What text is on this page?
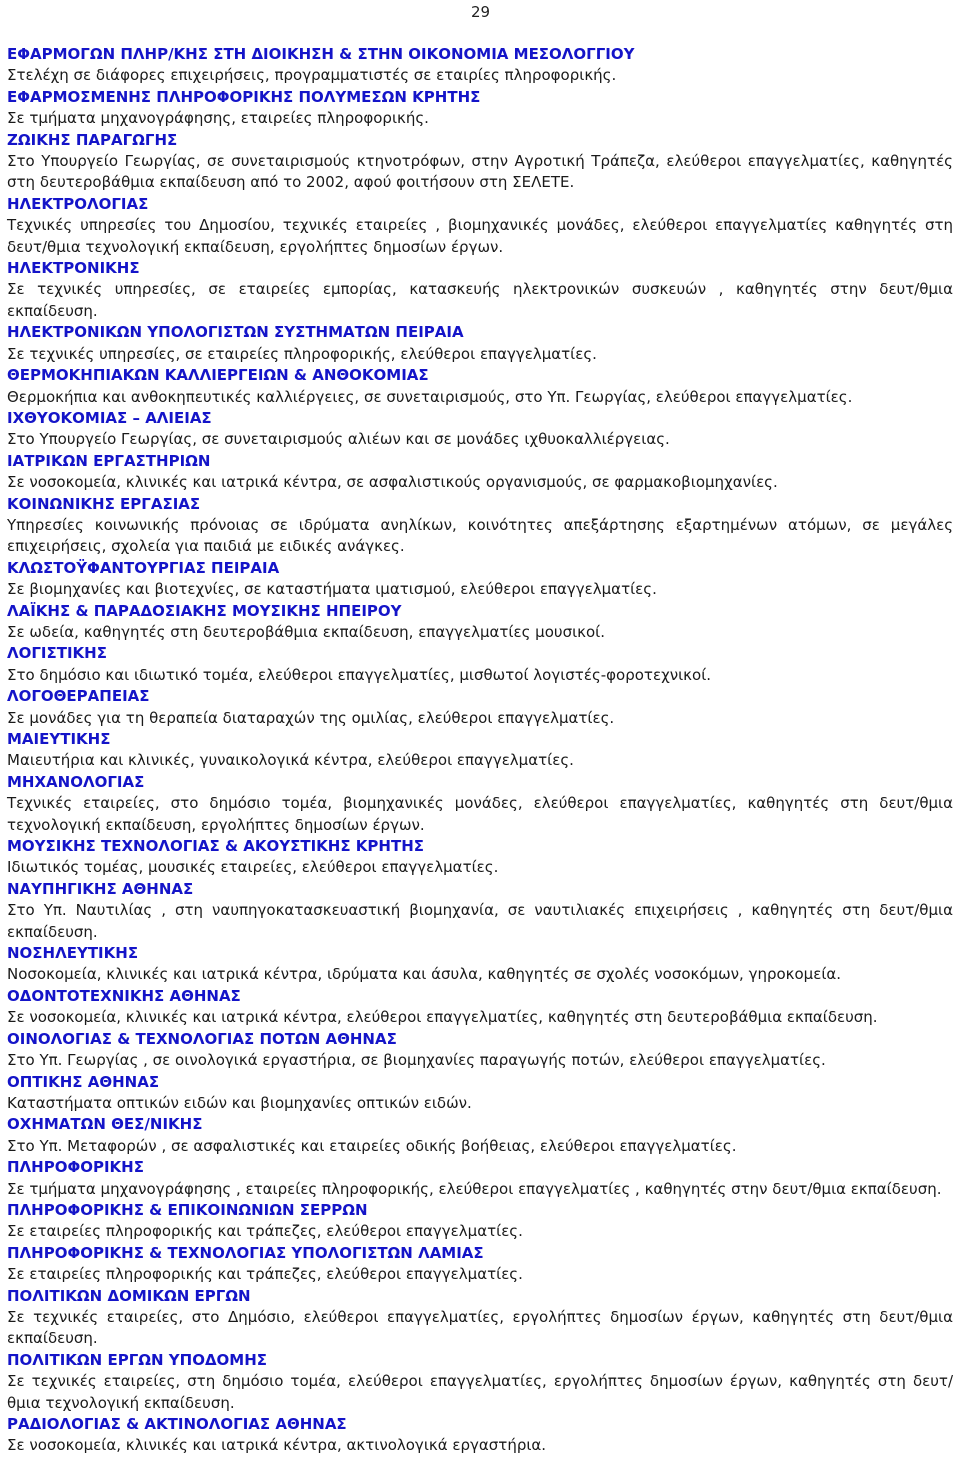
29
ΕΦΑΡΜΟΓΩΝ ΠΛΗΡ/ΚΗΣ ΣΤΗ ΔΙΟΙΚΗΣΗ & ΣΤΗΝ ΟΙΚΟΝΟΜΙΑ ΜΕΣΟΛΟΓΓΙΟΥ
Στελέχη σε διάφορες επιχειρήσεις, προγραμματιστές σε εταιρίες πληροφορικής.
ΕΦΑΡΜΟΣΜΕΝΗΣ ΠΛΗΡΟΦΟΡΙΚΗΣ ΠΟΛΥΜΕΣΩΝ ΚΡΗΤΗΣ
Σε τμήματα μηχανογράφησης, εταιρείες πληροφορικής.
ΖΩΙΚΗΣ ΠΑΡΑΓΩΓΗΣ
Στο Υπουργείο Γεωργίας, σε συνεταιρισμούς κτηνοτρόφων, στην Αγροτική Τράπεζα, ελεύθεροι επαγγελματίες, καθηγητές στη δευτεροβάθμια εκπαίδευση από το 2002, αφού φοιτήσουν στη ΣΕΛΕΤΕ.
ΗΛΕΚΤΡΟΛΟΓΙΑΣ
Τεχνικές υπηρεσίες του Δημοσίου, τεχνικές εταιρείες , βιομηχανικές μονάδες, ελεύθεροι επαγγελματίες καθηγητές στη δευτ/θμια τεχνολογική εκπαίδευση, εργολήπτες δημοσίων έργων.
ΗΛΕΚΤΡΟΝΙΚΗΣ
Σε τεχνικές υπηρεσίες, σε εταιρείες εμπορίας, κατασκευής ηλεκτρονικών συσκευών , καθηγητές στην δευτ/θμια εκπαίδευση.
ΗΛΕΚΤΡΟΝΙΚΩΝ ΥΠΟΛΟΓΙΣΤΩΝ ΣΥΣΤΗΜΑΤΩΝ ΠΕΙΡΑΙΑ
Σε τεχνικές υπηρεσίες, σε εταιρείες πληροφορικής, ελεύθεροι επαγγελματίες.
ΘΕΡΜΟΚΗΠΙΑΚΩΝ ΚΑΛΛΙΕΡΓΕΙΩΝ & ΑΝΘΟΚΟΜΙΑΣ
Θερμοκήπια και ανθοκηπευτικές καλλιέργειες, σε συνεταιρισμούς, στο Υπ. Γεωργίας, ελεύθεροι επαγγελματίες.
ΙΧΘΥΟΚΟΜΙΑΣ – ΑΛΙΕΙΑΣ
Στο Υπουργείο Γεωργίας, σε συνεταιρισμούς αλιέων και σε μονάδες ιχθυοκαλλιέργειας.
ΙΑΤΡΙΚΩΝ ΕΡΓΑΣΤΗΡΙΩΝ
Σε νοσοκομεία, κλινικές και ιατρικά κέντρα, σε ασφαλιστικούς οργανισμούς, σε φαρμακοβιομηχανίες.
ΚΟΙΝΩΝΙΚΗΣ ΕΡΓΑΣΙΑΣ
Υπηρεσίες κοινωνικής πρόνοιας σε ιδρύματα ανηλίκων, κοινότητες απεξάρτησης εξαρτημένων ατόμων, σε μεγάλες επιχειρήσεις, σχολεία για παιδιά με ειδικές ανάγκες.
ΚΛΩΣΤΟΫΦΑΝΤΟΥΡΓΙΑΣ ΠΕΙΡΑΙΑ
Σε βιομηχανίες και βιοτεχνίες, σε καταστήματα ιματισμού, ελεύθεροι επαγγελματίες.
ΛΑΪΚΗΣ & ΠΑΡΑΔΟΣΙΑΚΗΣ ΜΟΥΣΙΚΗΣ ΗΠΕΙΡΟΥ
Σε ωδεία, καθηγητές στη δευτεροβάθμια εκπαίδευση, επαγγελματίες μουσικοί.
ΛΟΓΙΣΤΙΚΗΣ
Στο δημόσιο και ιδιωτικό τομέα, ελεύθεροι επαγγελματίες, μισθωτοί λογιστές-φοροτεχνικοί.
ΛΟΓΟΘΕΡΑΠΕΙΑΣ
Σε μονάδες για τη θεραπεία διαταραχών της ομιλίας, ελεύθεροι επαγγελματίες.
ΜΑΙΕΥΤΙΚΗΣ
Μαιευτήρια και κλινικές, γυναικολογικά κέντρα, ελεύθεροι επαγγελματίες.
ΜΗΧΑΝΟΛΟΓΙΑΣ
Τεχνικές εταιρείες, στο δημόσιο τομέα, βιομηχανικές μονάδες, ελεύθεροι επαγγελματίες, καθηγητές στη δευτ/θμια τεχνολογική εκπαίδευση, εργολήπτες δημοσίων έργων.
ΜΟΥΣΙΚΗΣ ΤΕΧΝΟΛΟΓΙΑΣ & ΑΚΟΥΣΤΙΚΗΣ ΚΡΗΤΗΣ
Ιδιωτικός τομέας, μουσικές εταιρείες, ελεύθεροι επαγγελματίες.
ΝΑΥΠΗΓΙΚΗΣ ΑΘΗΝΑΣ
Στο Υπ. Ναυτιλίας , στη ναυπηγοκατασκευαστική βιομηχανία, σε ναυτιλιακές επιχειρήσεις , καθηγητές στη δευτ/θμια εκπαίδευση.
ΝΟΣΗΛΕΥΤΙΚΗΣ
Νοσοκομεία, κλινικές και ιατρικά κέντρα, ιδρύματα και άσυλα, καθηγητές σε σχολές νοσοκόμων, γηροκομεία.
ΟΔΟΝΤΟΤΕΧΝΙΚΗΣ ΑΘΗΝΑΣ
Σε νοσοκομεία, κλινικές και ιατρικά κέντρα, ελεύθεροι επαγγελματίες, καθηγητές στη δευτεροβάθμια εκπαίδευση.
ΟΙΝΟΛΟΓΙΑΣ & ΤΕΧΝΟΛΟΓΙΑΣ ΠΟΤΩΝ ΑΘΗΝΑΣ
Στο Υπ. Γεωργίας , σε οινολογικά εργαστήρια, σε βιομηχανίες παραγωγής ποτών, ελεύθεροι επαγγελματίες.
ΟΠΤΙΚΗΣ ΑΘΗΝΑΣ
Καταστήματα οπτικών ειδών και βιομηχανίες οπτικών ειδών.
ΟΧΗΜΑΤΩΝ ΘΕΣ/ΝΙΚΗΣ
Στο Υπ. Μεταφορών , σε ασφαλιστικές και εταιρείες οδικής βοήθειας, ελεύθεροι επαγγελματίες.
ΠΛΗΡΟΦΟΡΙΚΗΣ
Σε τμήματα μηχανογράφησης , εταιρείες πληροφορικής, ελεύθεροι επαγγελματίες , καθηγητές στην δευτ/θμια εκπαίδευση.
ΠΛΗΡΟΦΟΡΙΚΗΣ & ΕΠΙΚΟΙΝΩΝΙΩΝ ΣΕΡΡΩΝ
Σε εταιρείες πληροφορικής και τράπεζες, ελεύθεροι επαγγελματίες.
ΠΛΗΡΟΦΟΡΙΚΗΣ & ΤΕΧΝΟΛΟΓΙΑΣ ΥΠΟΛΟΓΙΣΤΩΝ ΛΑΜΙΑΣ
Σε εταιρείες πληροφορικής και τράπεζες, ελεύθεροι επαγγελματίες.
ΠΟΛΙΤΙΚΩΝ ΔΟΜΙΚΩΝ ΕΡΓΩΝ
Σε τεχνικές εταιρείες, στο Δημόσιο, ελεύθεροι επαγγελματίες, εργολήπτες δημοσίων έργων, καθηγητές στη δευτ/θμια εκπαίδευση.
ΠΟΛΙΤΙΚΩΝ ΕΡΓΩΝ ΥΠΟΔΟΜΗΣ
Σε τεχνικές εταιρείες, στη δημόσιο τομέα, ελεύθεροι επαγγελματίες, εργολήπτες δημοσίων έργων, καθηγητές στη δευτ/θμια τεχνολογική εκπαίδευση.
ΡΑΔΙΟΛΟΓΙΑΣ & ΑΚΤΙΝΟΛΟΓΙΑΣ ΑΘΗΝΑΣ
Σε νοσοκομεία, κλινικές και ιατρικά κέντρα, ακτινολογικά εργαστήρια.
